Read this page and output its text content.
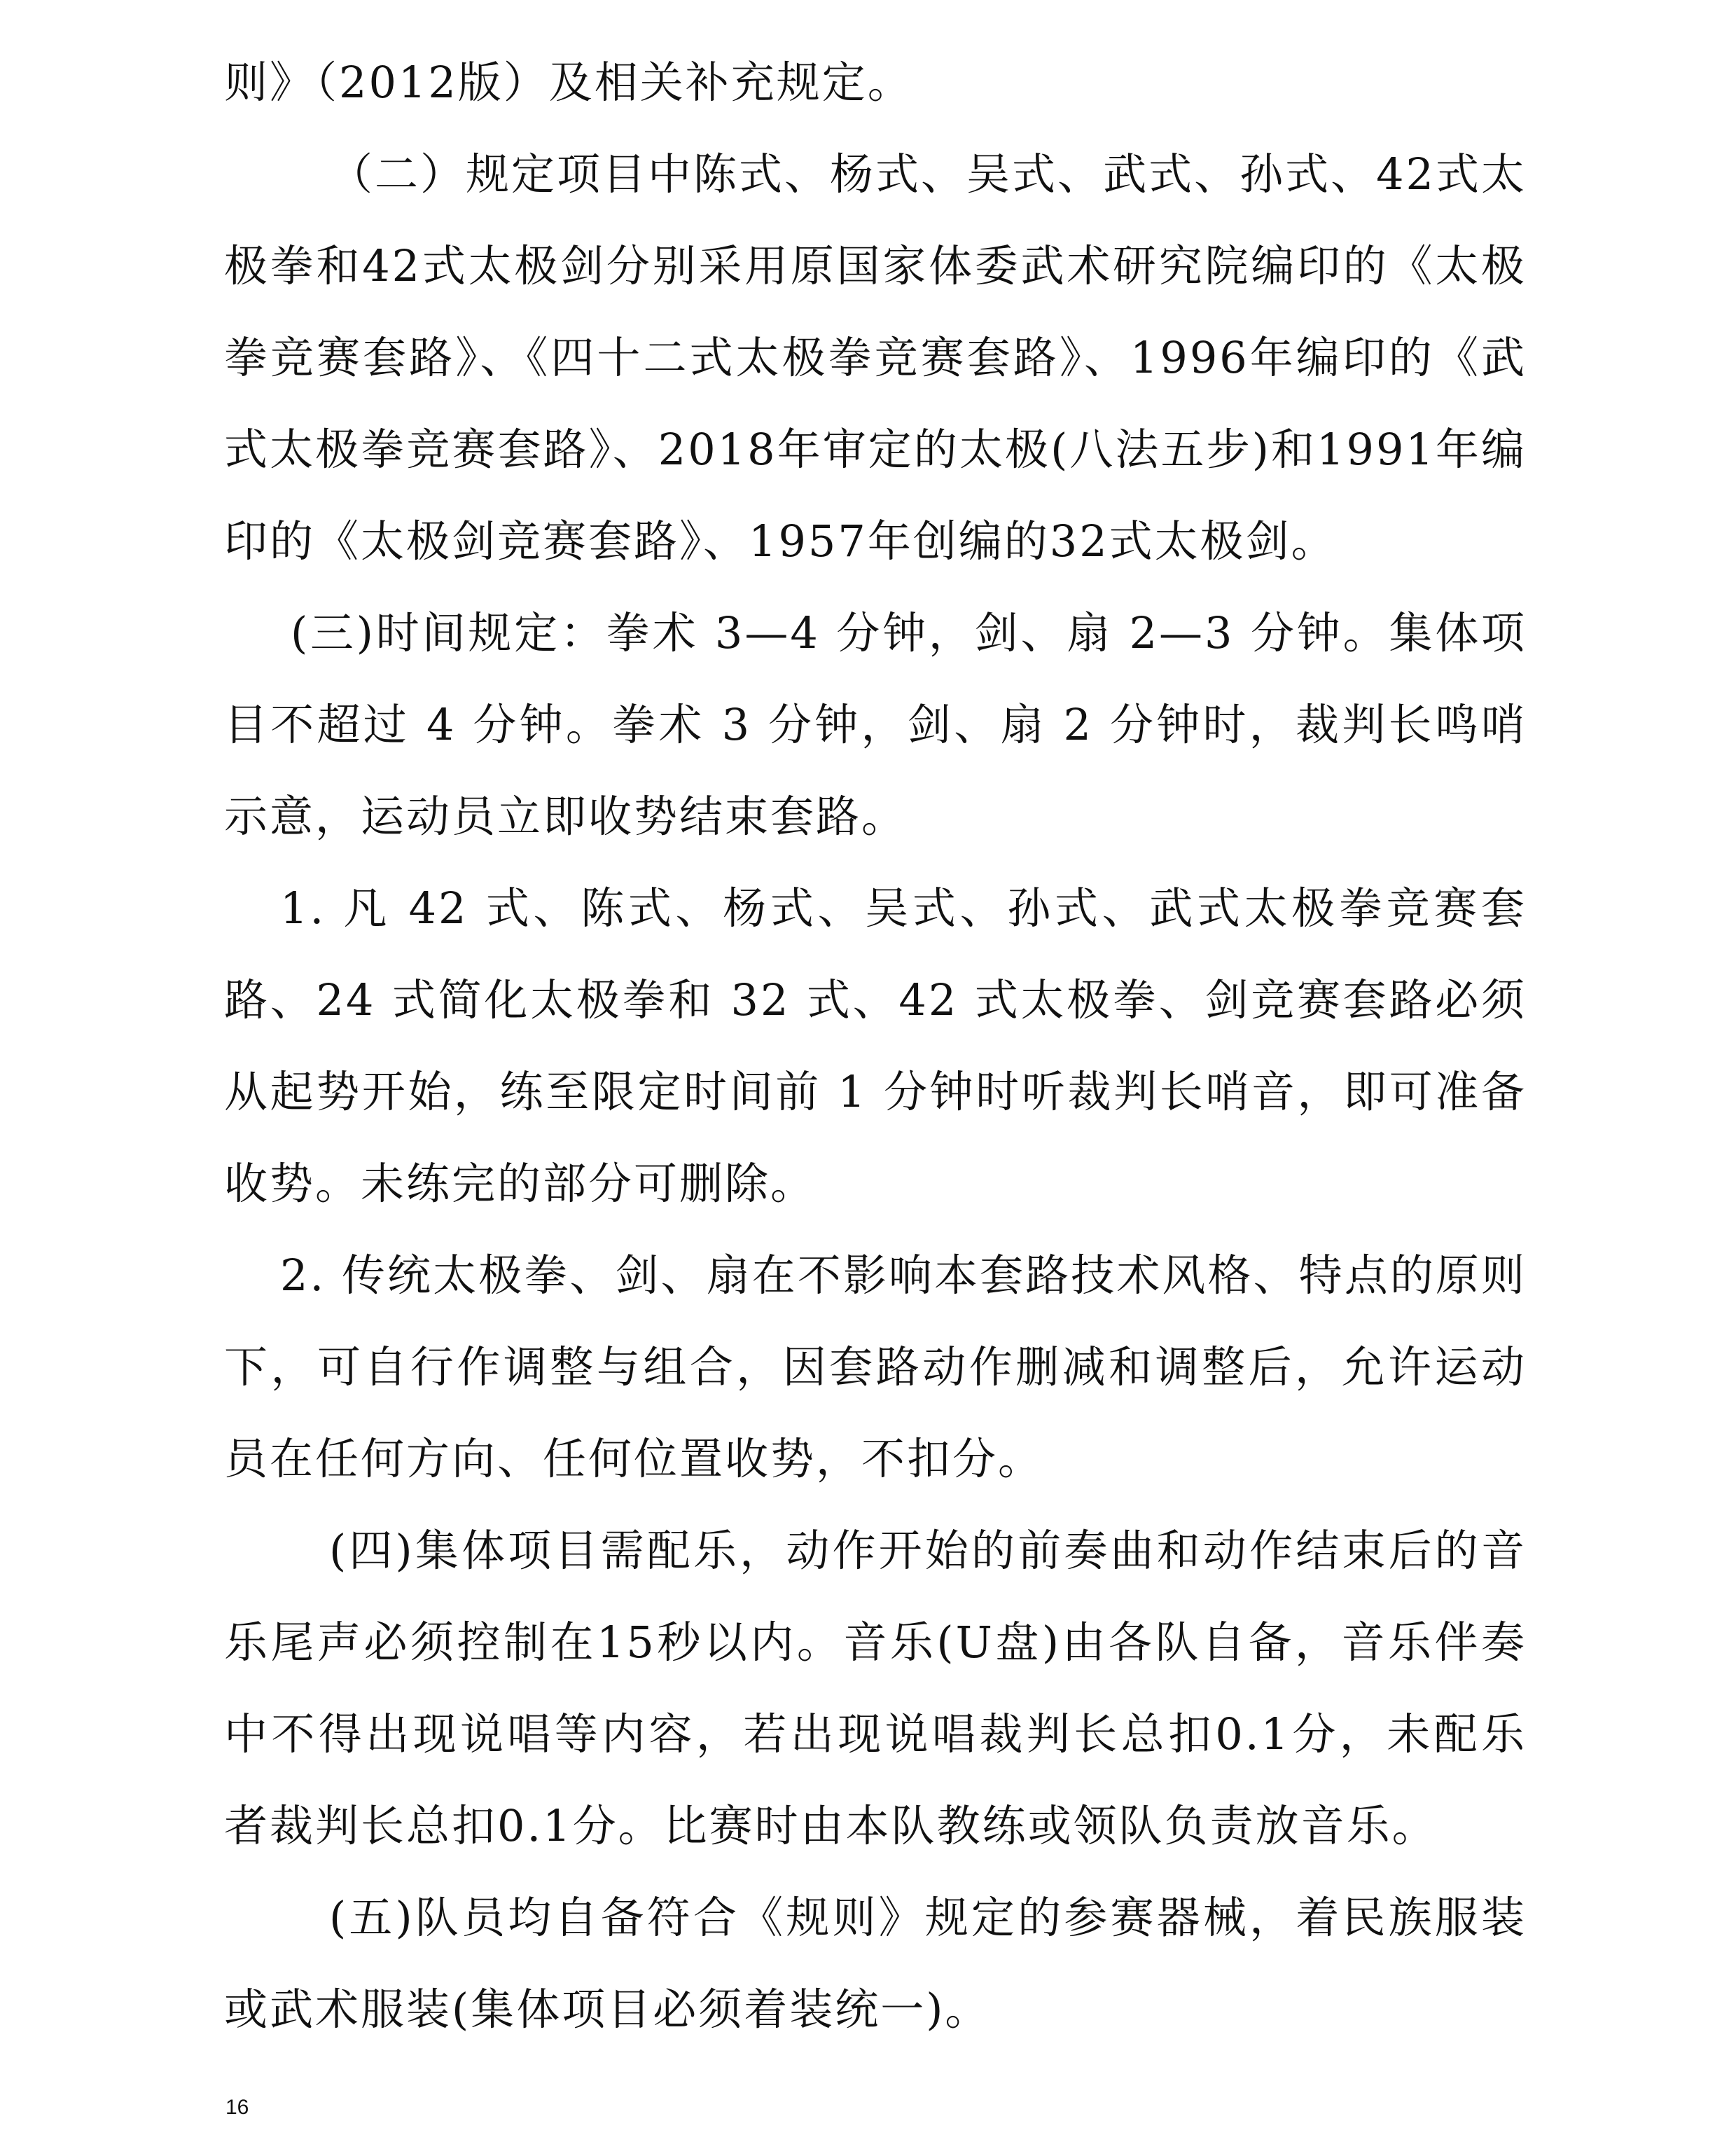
则》（2012版）及相关补充规定。

（二）规定项目中陈式、杨式、吴式、武式、孙式、42式太极拳和42式太极剑分别采用原国家体委武术研究院编印的《太极拳竞赛套路》、《四十二式太极拳竞赛套路》、1996年编印的《武式太极拳竞赛套路》、2018年审定的太极(八法五步)和1991年编印的《太极剑竞赛套路》、1957年创编的32式太极剑。

(三)时间规定：拳术 3—4 分钟，剑、扇 2—3 分钟。集体项目不超过 4 分钟。拳术 3 分钟，剑、扇 2 分钟时，裁判长鸣哨示意，运动员立即收势结束套路。

1. 凡 42 式、陈式、杨式、吴式、孙式、武式太极拳竞赛套路、24 式简化太极拳和 32 式、42 式太极拳、剑竞赛套路必须从起势开始，练至限定时间前 1 分钟时听裁判长哨音，即可准备收势。未练完的部分可删除。

2. 传统太极拳、剑、扇在不影响本套路技术风格、特点的原则下，可自行作调整与组合，因套路动作删减和调整后，允许运动员在任何方向、任何位置收势，不扣分。

(四)集体项目需配乐，动作开始的前奏曲和动作结束后的音乐尾声必须控制在15秒以内。音乐(U盘)由各队自备，音乐伴奏中不得出现说唱等内容，若出现说唱裁判长总扣0.1分，未配乐者裁判长总扣0.1分。比赛时由本队教练或领队负责放音乐。

(五)队员均自备符合《规则》规定的参赛器械，着民族服装或武术服装(集体项目必须着装统一)。

16
